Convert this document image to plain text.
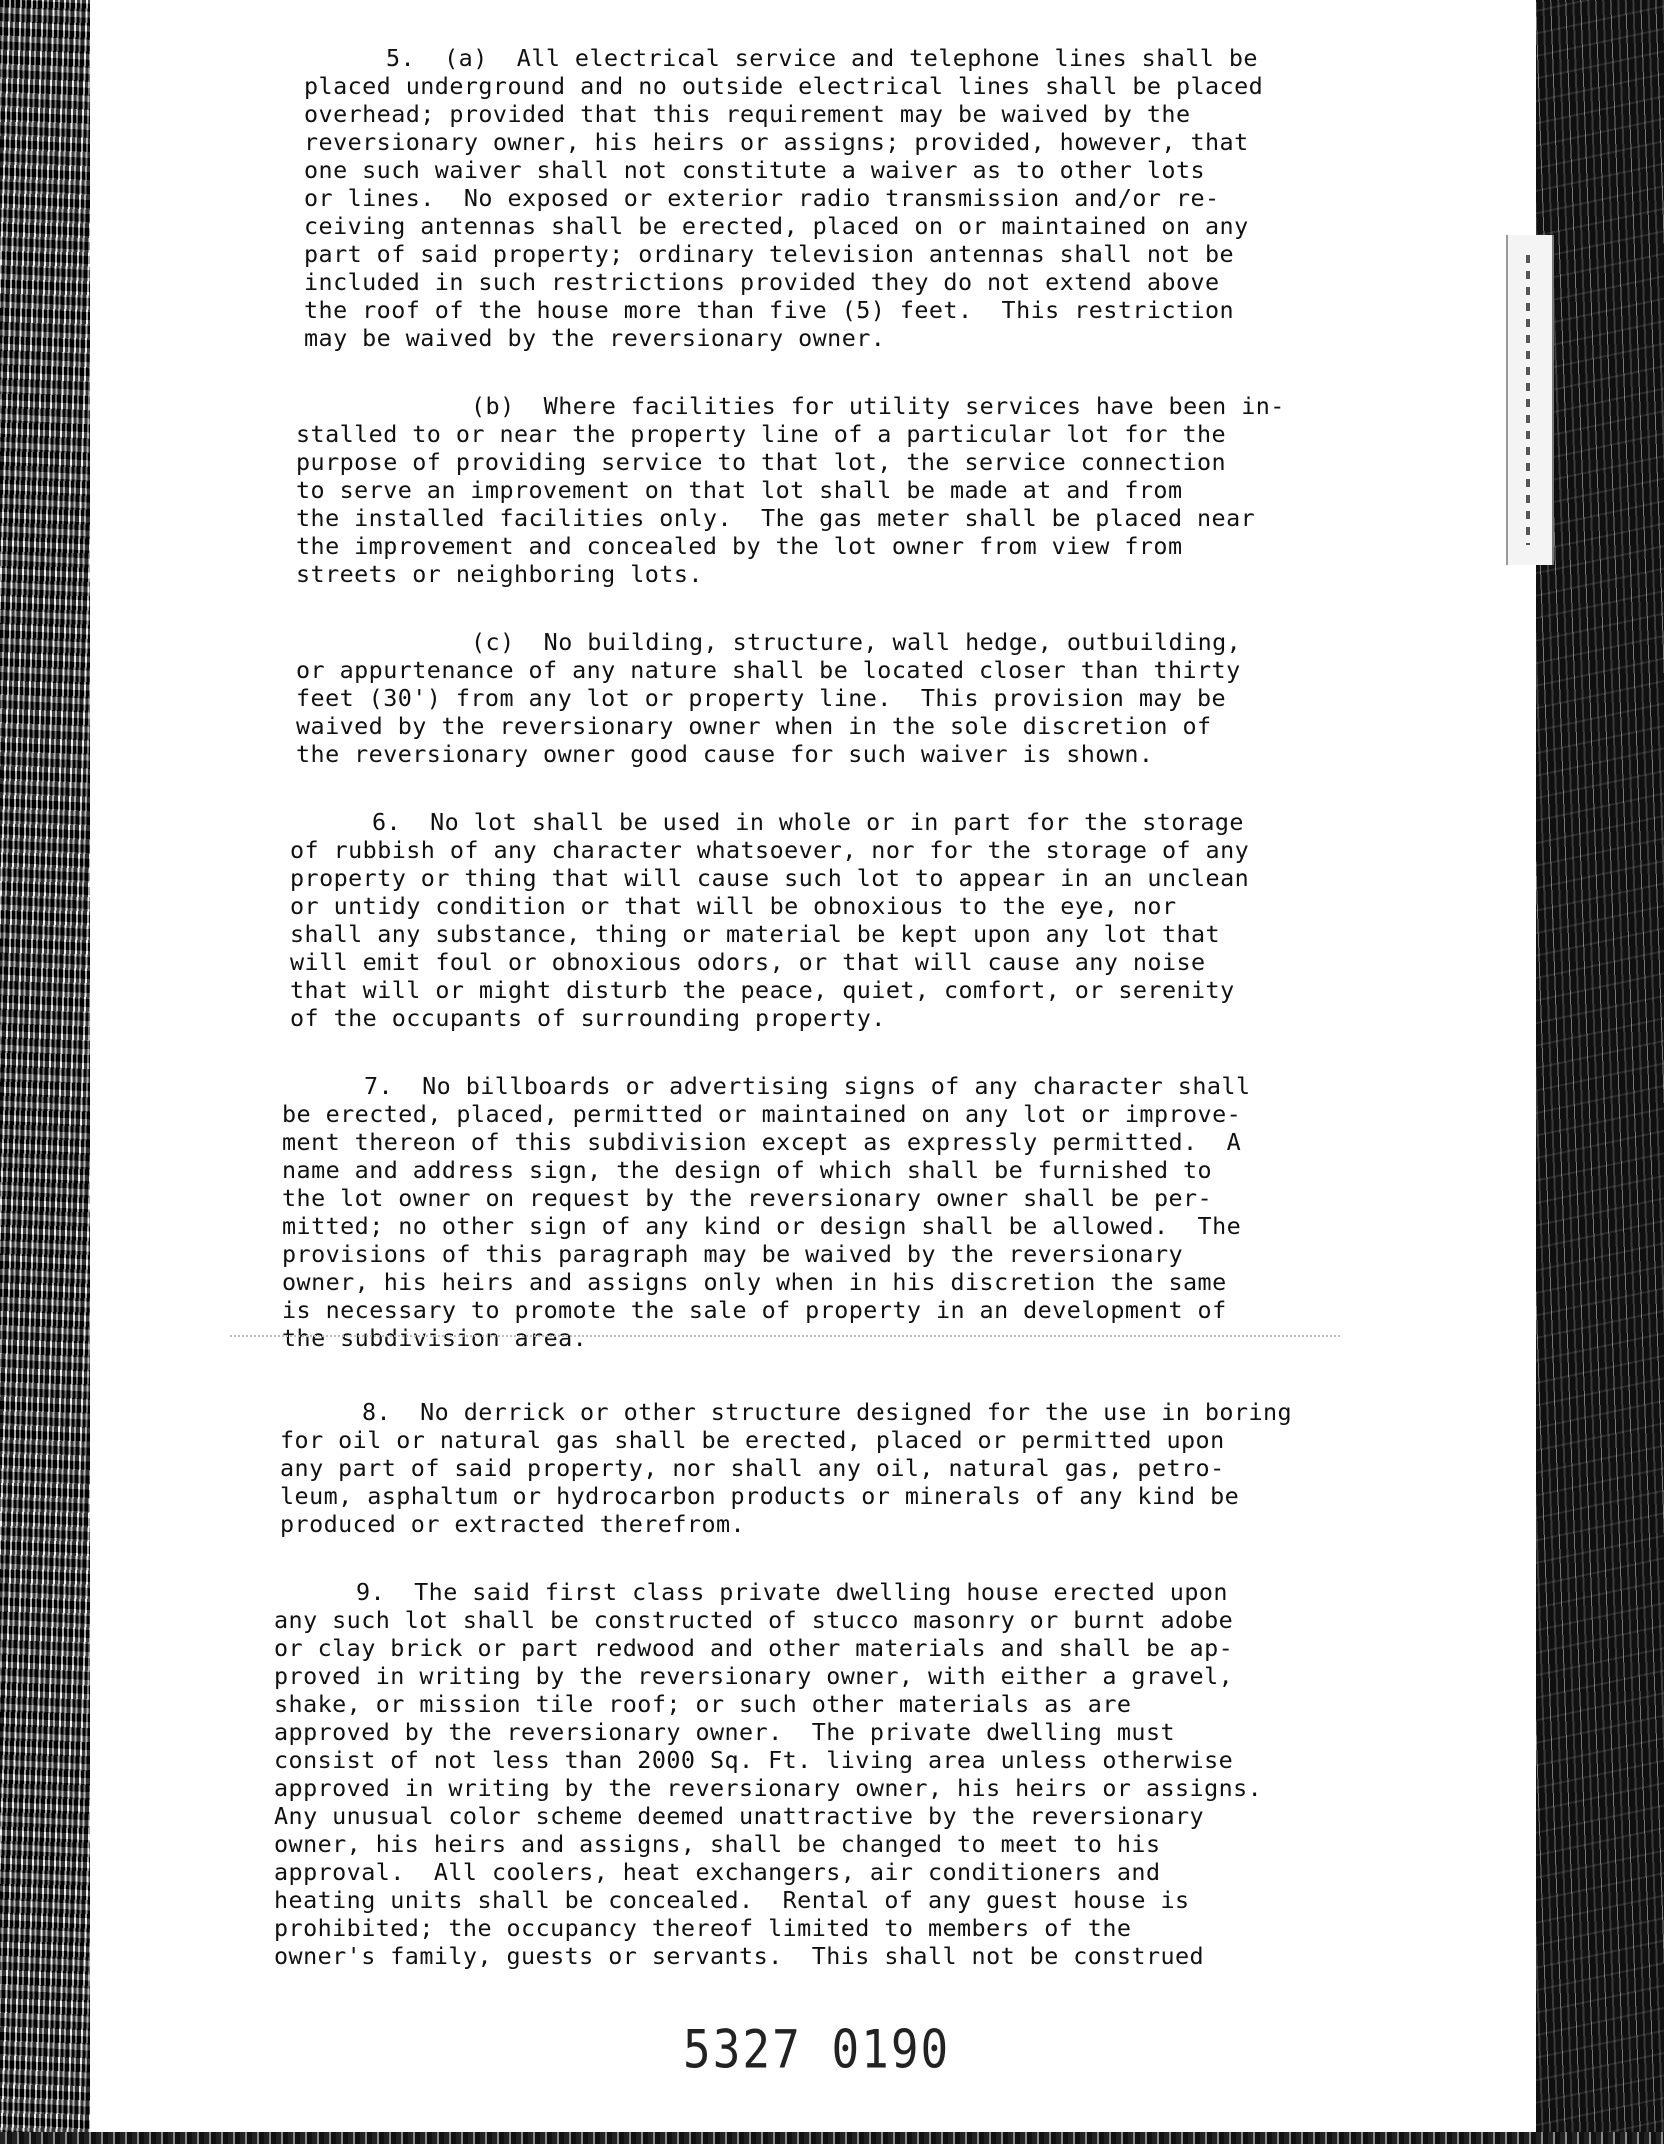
5.  (a)  All electrical service and telephone lines shall be
placed underground and no outside electrical lines shall be placed
overhead; provided that this requirement may be waived by the
reversionary owner, his heirs or assigns; provided, however, that
one such waiver shall not constitute a waiver as to other lots
or lines.  No exposed or exterior radio transmission and/or re-
ceiving antennas shall be erected, placed on or maintained on any
part of said property; ordinary television antennas shall not be
included in such restrictions provided they do not extend above
the roof of the house more than five (5) feet.  This restriction
may be waived by the reversionary owner.
(b)  Where facilities for utility services have been in-
stalled to or near the property line of a particular lot for the
purpose of providing service to that lot, the service connection
to serve an improvement on that lot shall be made at and from
the installed facilities only.  The gas meter shall be placed near
the improvement and concealed by the lot owner from view from
streets or neighboring lots.
(c)  No building, structure, wall hedge, outbuilding,
or appurtenance of any nature shall be located closer than thirty
feet (30') from any lot or property line.  This provision may be
waived by the reversionary owner when in the sole discretion of
the reversionary owner good cause for such waiver is shown.
6.  No lot shall be used in whole or in part for the storage
of rubbish of any character whatsoever, nor for the storage of any
property or thing that will cause such lot to appear in an unclean
or untidy condition or that will be obnoxious to the eye, nor
shall any substance, thing or material be kept upon any lot that
will emit foul or obnoxious odors, or that will cause any noise
that will or might disturb the peace, quiet, comfort, or serenity
of the occupants of surrounding property.
7.  No billboards or advertising signs of any character shall
be erected, placed, permitted or maintained on any lot or improve-
ment thereon of this subdivision except as expressly permitted.  A
name and address sign, the design of which shall be furnished to
the lot owner on request by the reversionary owner shall be per-
mitted; no other sign of any kind or design shall be allowed.  The
provisions of this paragraph may be waived by the reversionary
owner, his heirs and assigns only when in his discretion the same
is necessary to promote the sale of property in an development of
the subdivision area.
8.  No derrick or other structure designed for the use in boring
for oil or natural gas shall be erected, placed or permitted upon
any part of said property, nor shall any oil, natural gas, petro-
leum, asphaltum or hydrocarbon products or minerals of any kind be
produced or extracted therefrom.
9.  The said first class private dwelling house erected upon
any such lot shall be constructed of stucco masonry or burnt adobe
or clay brick or part redwood and other materials and shall be ap-
proved in writing by the reversionary owner, with either a gravel,
shake, or mission tile roof; or such other materials as are
approved by the reversionary owner.  The private dwelling must
consist of not less than 2000 Sq. Ft. living area unless otherwise
approved in writing by the reversionary owner, his heirs or assigns.
Any unusual color scheme deemed unattractive by the reversionary
owner, his heirs and assigns, shall be changed to meet to his
approval.  All coolers, heat exchangers, air conditioners and
heating units shall be concealed.  Rental of any guest house is
prohibited; the occupancy thereof limited to members of the
owner's family, guests or servants.  This shall not be construed
5327 0190
